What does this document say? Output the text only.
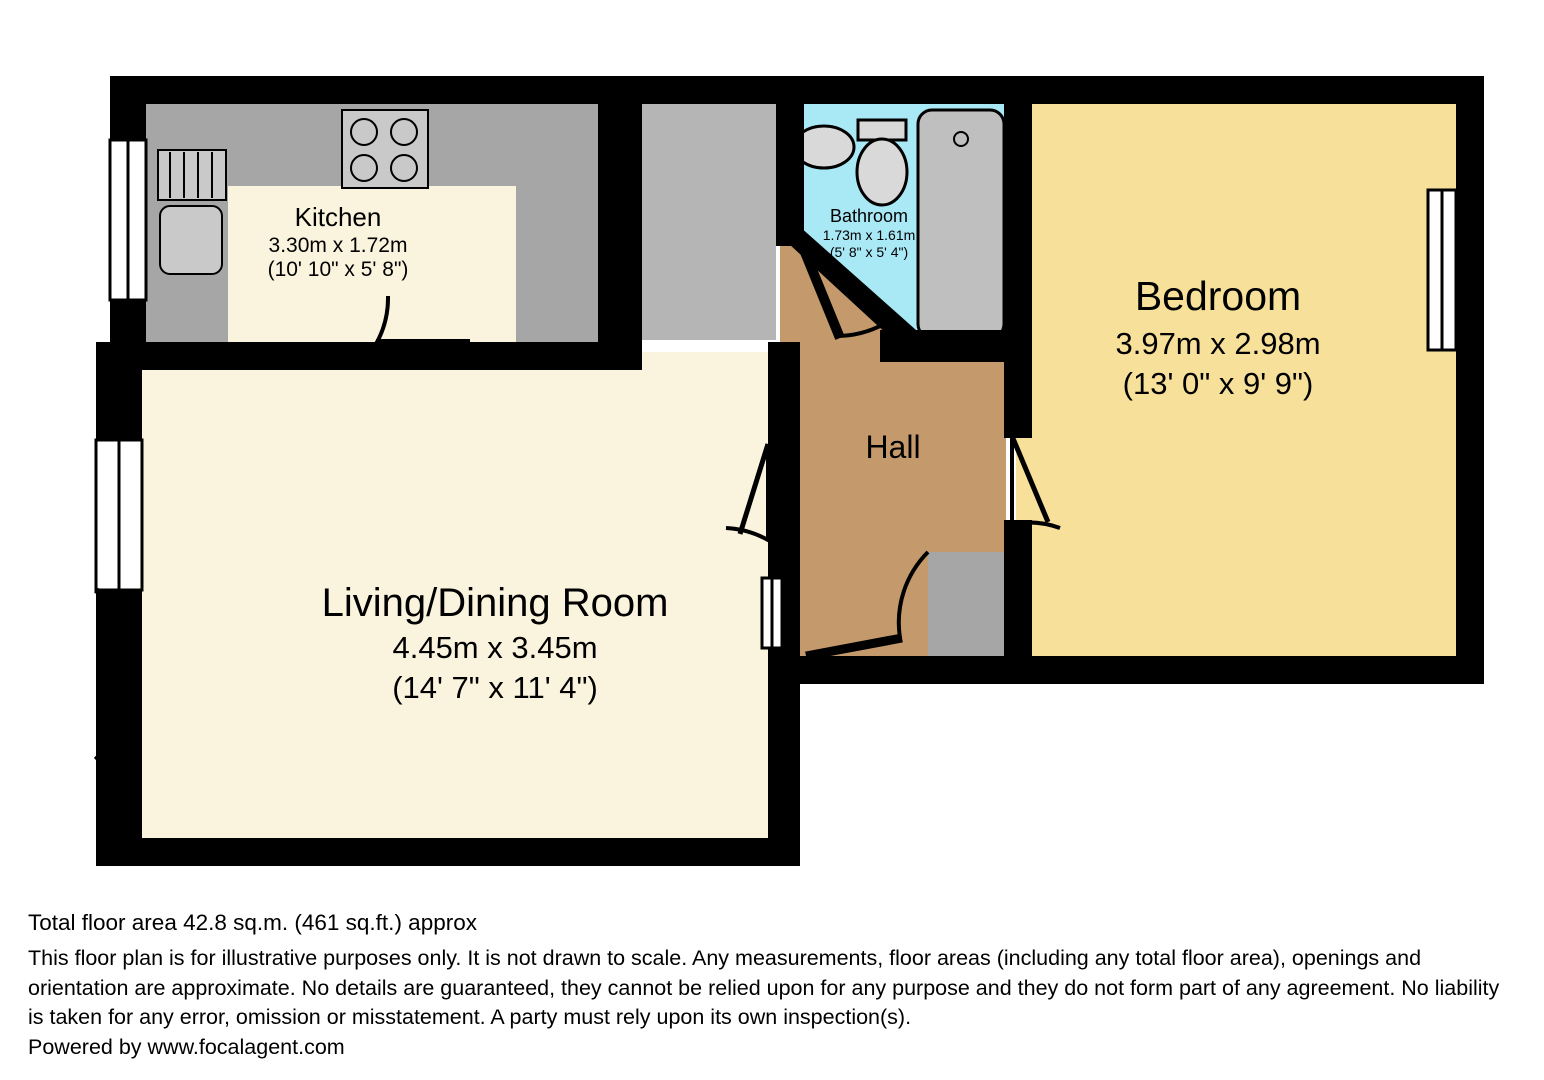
Kitchen
3.30m x 1.72m
(10' 10" x 5' 8")
Bathroom
1.73m x 1.61m
(5' 8" x 5' 4")
Bedroom
3.97m x 2.98m
(13' 0" x 9' 9")
Hall
Living/Dining Room
4.45m x 3.45m
(14' 7" x 11' 4")
Total floor area 42.8 sq.m. (461 sq.ft.) approx
This floor plan is for illustrative purposes only. It is not drawn to scale. Any measurements, floor areas (including any total floor area), openings and orientation are approximate. No details are guaranteed, they cannot be relied upon for any purpose and they do not form part of any agreement. No liability is taken for any error, omission or misstatement. A party must rely upon its own inspection(s).
Powered by www.focalagent.com
